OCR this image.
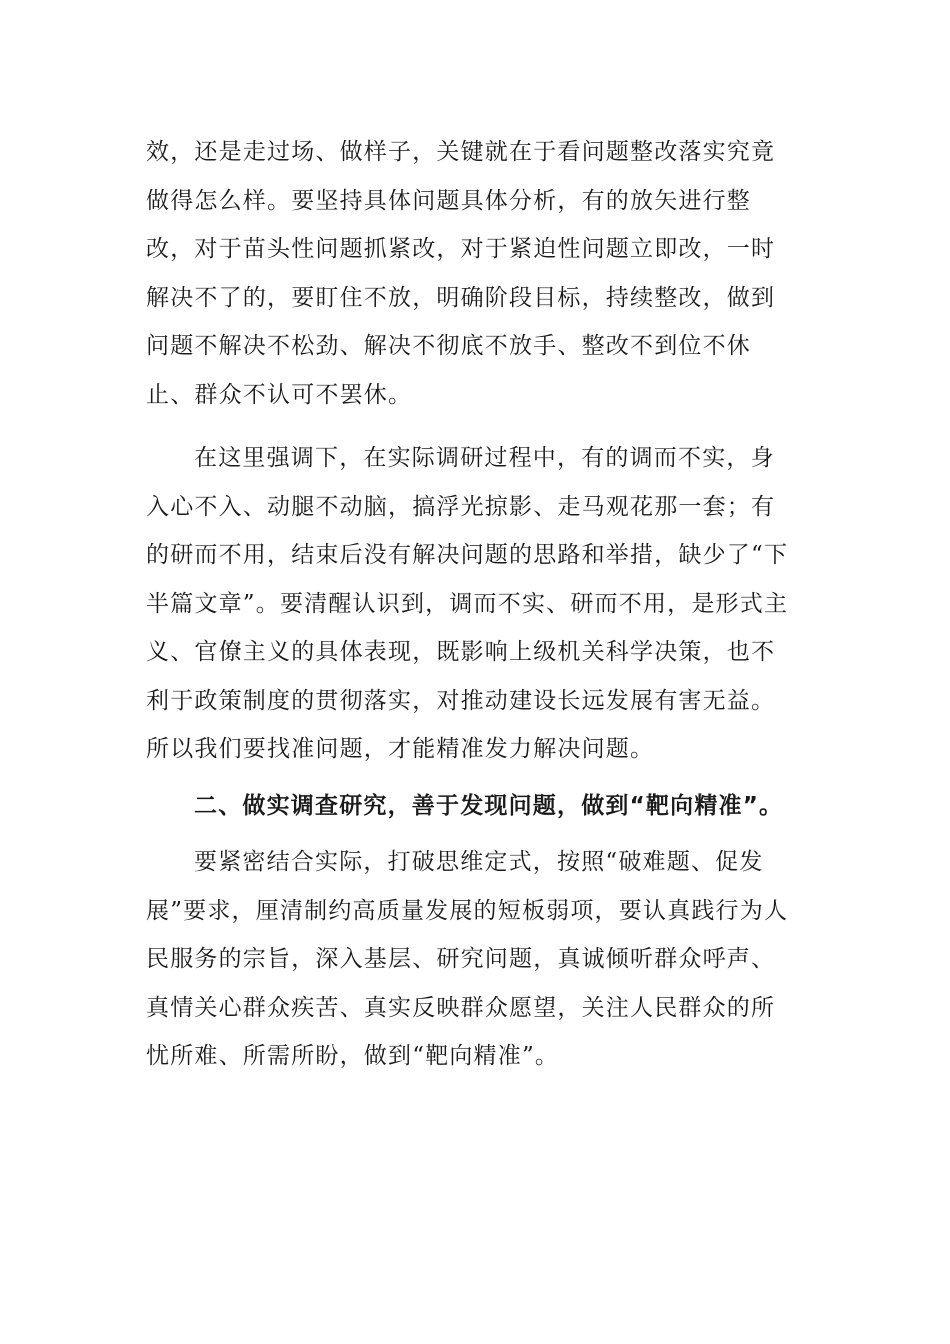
效，还是走过场、做样子，关键就在于看问题整改落实究竟做得怎么样。要坚持具体问题具体分析，有的放矢进行整改，对于苗头性问题抓紧改，对于紧迫性问题立即改，一时解决不了的，要盯住不放，明确阶段目标，持续整改，做到问题不解决不松劲、解决不彻底不放手、整改不到位不休止、群众不认可不罢休。

在这里强调下，在实际调研过程中，有的调而不实，身入心不入、动腿不动脑，搞浮光掠影、走马观花那一套；有的研而不用，结束后没有解决问题的思路和举措，缺少了“下半篇文章”。要清醒认识到，调而不实、研而不用，是形式主义、官僚主义的具体表现，既影响上级机关科学决策，也不利于政策制度的贯彻落实，对推动建设长远发展有害无益。所以我们要找准问题，才能精准发力解决问题。

二、做实调查研究，善于发现问题，做到“靶向精准”。

要紧密结合实际，打破思维定式，按照“破难题、促发展”要求，厘清制约高质量发展的短板弱项，要认真践行为人民服务的宗旨，深入基层、研究问题，真诚倾听群众呼声、真情关心群众疾苦、真实反映群众愿望，关注人民群众的所忧所难、所需所盼，做到“靶向精准”。
